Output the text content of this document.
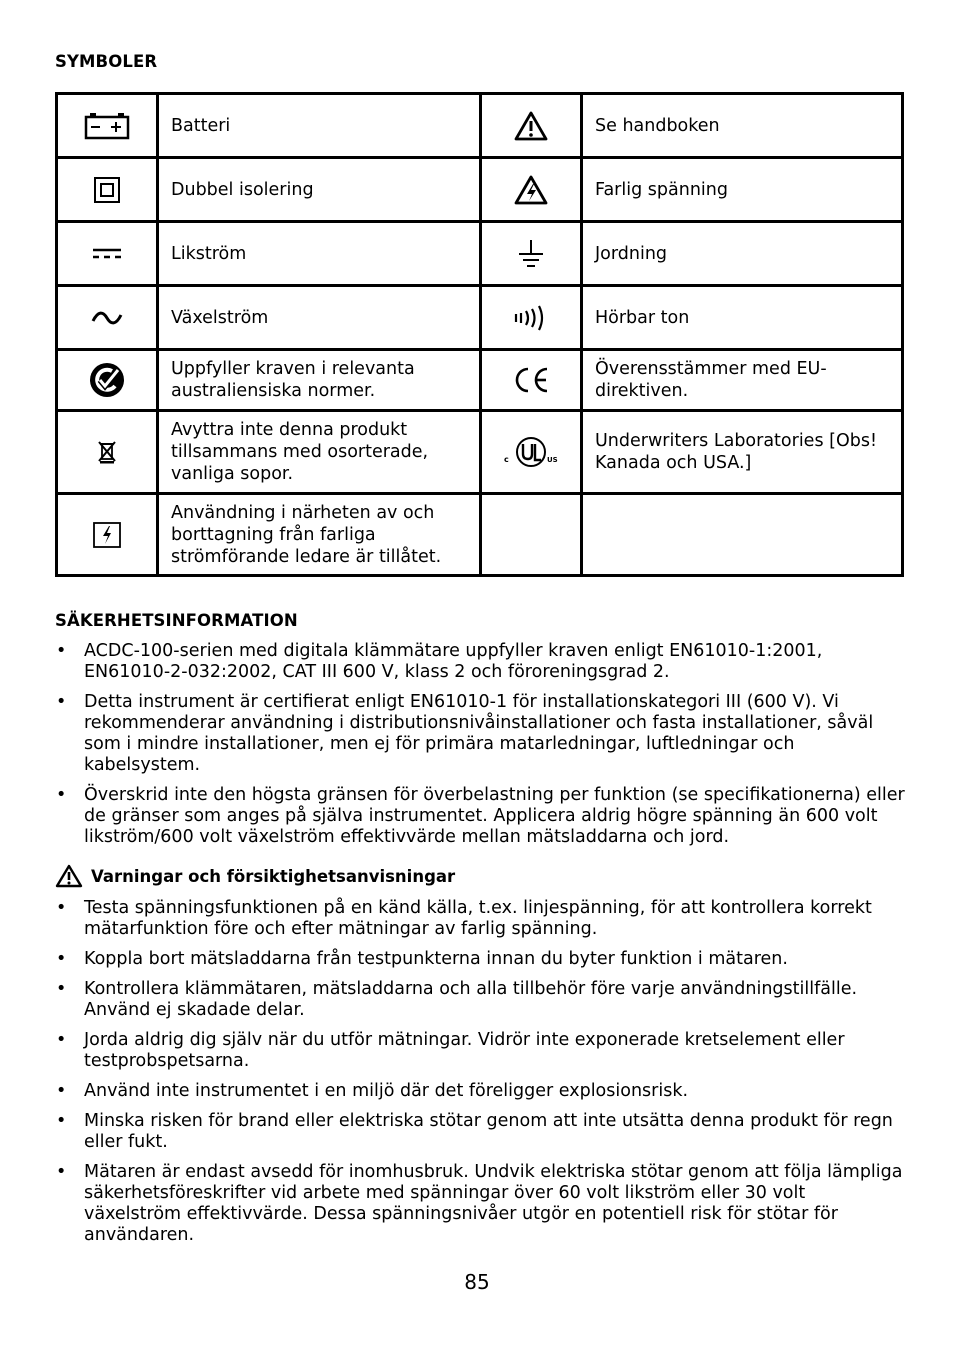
SYMBOLER
	Batteri		Se handboken
	Dubbel isolering		Farlig spänning
	Likström		Jordning
	Växelström		Hörbar ton
	Uppfyller kraven i relevanta australiensiska normer.		Överensstämmer med EU-direktiven.
	Avyttra inte denna produkt tillsammans med osorterade, vanliga sopor.	c US	Underwriters Laboratories [Obs! Kanada och USA.]
	Användning i närheten av och borttagning från farliga strömförande ledare är tillåtet.		
SÄKERHETSINFORMATION
• ACDC-100-serien med digitala klämmätare uppfyller kraven enligt EN61010-1:2001, EN61010-2-032:2002, CAT III 600 V, klass 2 och föroreningsgrad 2.
• Detta instrument är certifierat enligt EN61010-1 för installationskategori III (600 V). Vi rekommenderar användning i distributionsnivåinstallationer och fasta installationer, såväl som i mindre installationer, men ej för primära matarledningar, luftledningar och kabelsystem.
• Överskrid inte den högsta gränsen för överbelastning per funktion (se specifikationerna) eller de gränser som anges på själva instrumentet. Applicera aldrig högre spänning än 600 volt likström/600 volt växelström effektivvärde mellan mätsladdarna och jord.
Varningar och försiktighetsanvisningar
• Testa spänningsfunktionen på en känd källa, t.ex. linjespänning, för att kontrollera korrekt mätarfunktion före och efter mätningar av farlig spänning.
• Koppla bort mätsladdarna från testpunkterna innan du byter funktion i mätaren.
• Kontrollera klämmätaren, mätsladdarna och alla tillbehör före varje användningstillfälle. Använd ej skadade delar.
• Jorda aldrig dig själv när du utför mätningar. Vidrör inte exponerade kretselement eller testprobspetsarna.
• Använd inte instrumentet i en miljö där det föreligger explosionsrisk.
• Minska risken för brand eller elektriska stötar genom att inte utsätta denna produkt för regn eller fukt.
• Mätaren är endast avsedd för inomhusbruk. Undvik elektriska stötar genom att följa lämpliga säkerhetsföreskrifter vid arbete med spänningar över 60 volt likström eller 30 volt växelström effektivvärde. Dessa spänningsnivåer utgör en potentiell risk för stötar för användaren.
85
